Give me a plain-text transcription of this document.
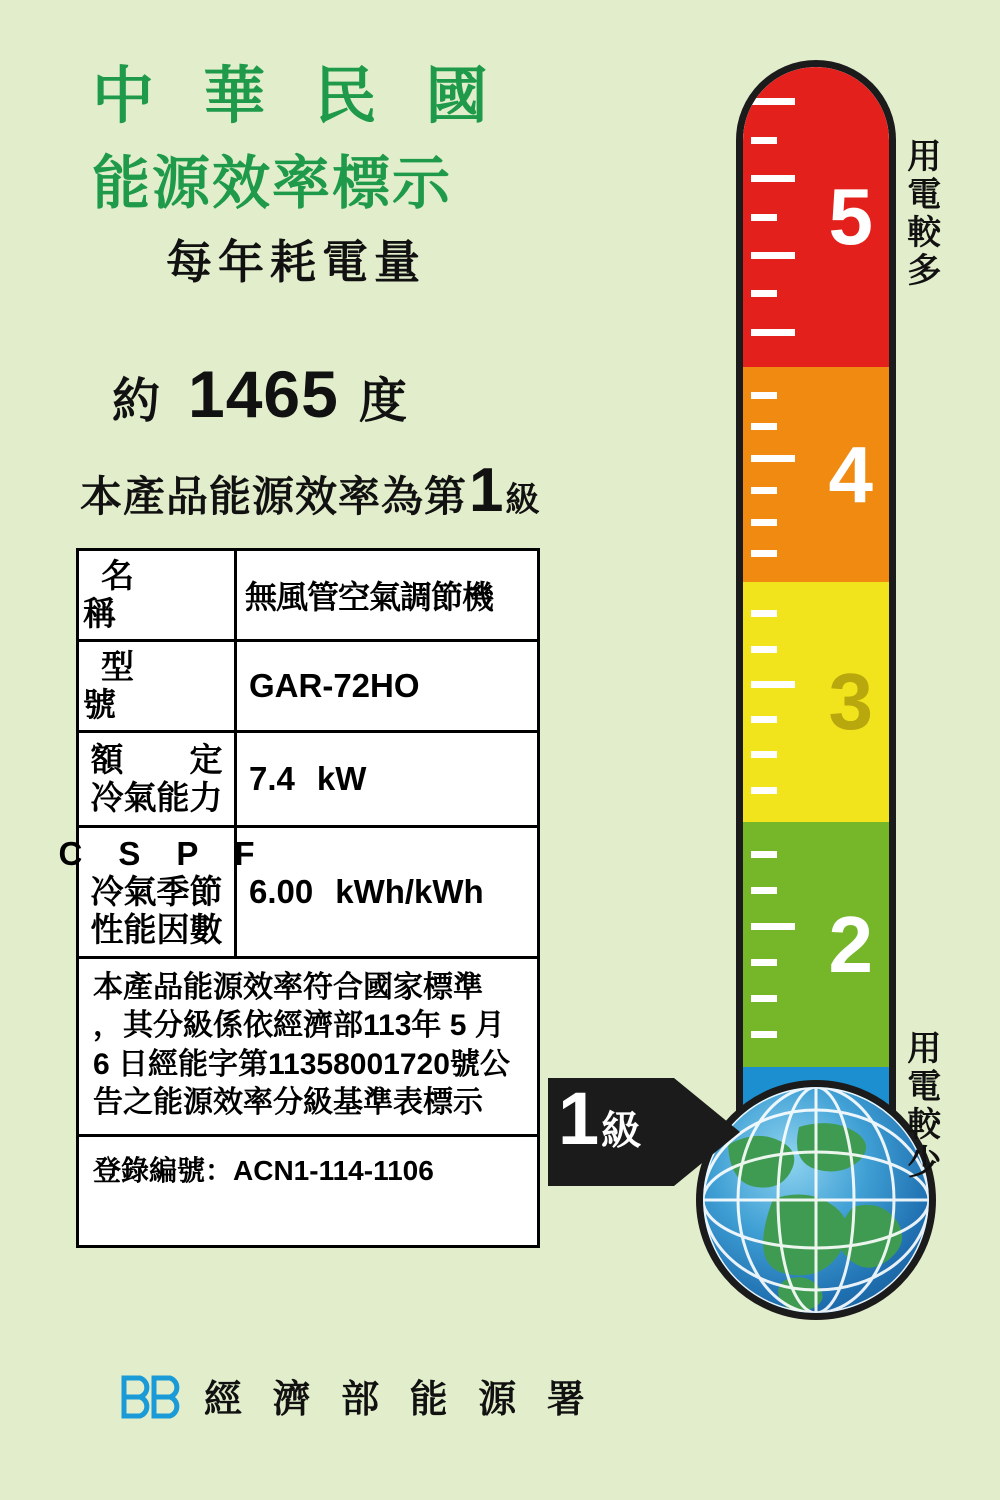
中 華 民 國
能源效率標示
每年耗電量
約 1465 度
本產品能源效率為第 1 級
名 稱	無風管空氣調節機
型 號
GAR-72HO
額　　定
冷氣能力
7.4 kW
CSPF
冷氣季節
性能因數
6.00 kWh/kWh
本產品能源效率符合國家標準
，其分級係依經濟部113年 5 月
6 日經能字第11358001720號公
告之能源效率分級基準表標示
登錄編號：ACN1-114-1106
經 濟 部 能 源 署
5
4
3
2
用電較多
用電較少
1 級
